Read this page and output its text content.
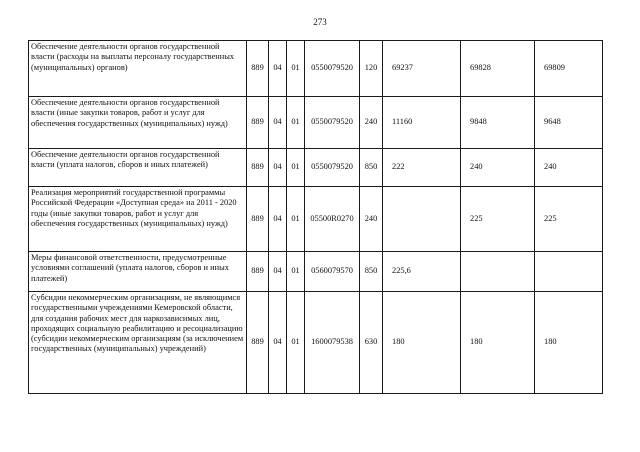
273
Обеспечение деятельности органов государственной власти (расходы на выплаты персоналу государственных (муниципальных) органов)	889	04	01	0550079520	120	69237	69828	69809
Обеспечение деятельности органов государственной власти (иные закупки товаров, работ и услуг для обеспечения государственных (муниципальных) нужд)	889	04	01	0550079520	240	11160	9848	9648
Обеспечение деятельности органов государственной власти (уплата налогов, сборов и иных платежей)	889	04	01	0550079520	850	222	240	240
Реализация мероприятий государственной программы Российской Федерации «Доступная среда» на 2011 - 2020 годы (иные закупки товаров, работ и услуг для обеспечения государственных (муниципальных) нужд)	889	04	01	05500R0270	240		225	225
Меры финансовой ответственности, предусмотренные условиями соглашений (уплата налогов, сборов и иных платежей)	889	04	01	0560079570	850	225,6		
Субсидии некоммерческим организациям, не являющимся государственными учреждениями Кемеровской области, для создания рабочих мест для наркозависимых лиц, проходящих социальную реабилитацию и ресоциализацию (субсидии некоммерческим организациям (за исключением государственных (муниципальных) учреждений)	889	04	01	1600079538	630	180	180	180
